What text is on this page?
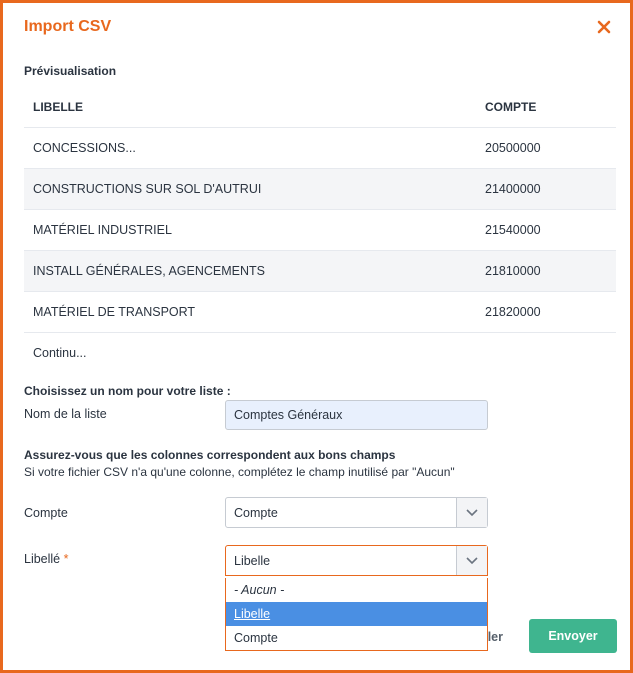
Import CSV
Prévisualisation
LIBELLE	COMPTE
CONCESSIONS...	20500000
CONSTRUCTIONS SUR SOL D'AUTRUI	21400000
MATÉRIEL INDUSTRIEL	21540000
INSTALL GÉNÉRALES, AGENCEMENTS	21810000
MATÉRIEL DE TRANSPORT	21820000
Continu...
Choisissez un nom pour votre liste :
Nom de la liste
Comptes Généraux
Assurez-vous que les colonnes correspondent aux bons champs
Si votre fichier CSV n'a qu'une colonne, complétez le champ inutilisé par "Aucun"
Compte	Compte
Libellé *	Libelle
ler
- Aucun -
Libelle
Compte	Envoyer
